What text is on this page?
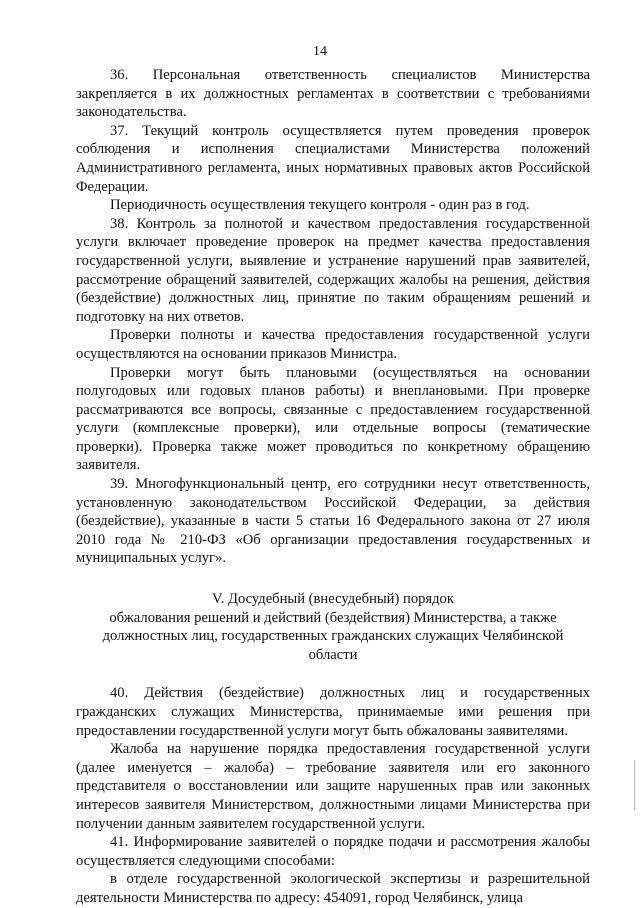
14

36. Персональная ответственность специалистов Министерства закрепляется в их должностных регламентах в соответствии с требованиями законодательства.

37. Текущий контроль осуществляется путем проведения проверок соблюдения и исполнения специалистами Министерства положений Административного регламента, иных нормативных правовых актов Российской Федерации.

Периодичность осуществления текущего контроля - один раз в год.

38. Контроль за полнотой и качеством предоставления государственной услуги включает проведение проверок на предмет качества предоставления государственной услуги, выявление и устранение нарушений прав заявителей, рассмотрение обращений заявителей, содержащих жалобы на решения, действия (бездействие) должностных лиц, принятие по таким обращениям решений и подготовку на них ответов.

Проверки полноты и качества предоставления государственной услуги осуществляются на основании приказов Министра.

Проверки могут быть плановыми (осуществляться на основании полугодовых или годовых планов работы) и внеплановыми. При проверке рассматриваются все вопросы, связанные с предоставлением государственной услуги (комплексные проверки), или отдельные вопросы (тематические проверки). Проверка также может проводиться по конкретному обращению заявителя.

39. Многофункциональный центр, его сотрудники несут ответственность, установленную законодательством Российской Федерации, за действия (бездействие), указанные в части 5 статьи 16 Федерального закона от 27 июля 2010 года № 210-ФЗ «Об организации предоставления государственных и муниципальных услуг».

V. Досудебный (внесудебный) порядок
обжалования решений и действий (бездействия) Министерства, а также
должностных лиц, государственных гражданских служащих Челябинской
области

40. Действия (бездействие) должностных лиц и государственных гражданских служащих Министерства, принимаемые ими решения при предоставлении государственной услуги могут быть обжалованы заявителями.

Жалоба на нарушение порядка предоставления государственной услуги (далее именуется – жалоба) – требование заявителя или его законного представителя о восстановлении или защите нарушенных прав или законных интересов заявителя Министерством, должностными лицами Министерства при получении данным заявителем государственной услуги.

41. Информирование заявителей о порядке подачи и рассмотрения жалобы осуществляется следующими способами:

в отделе государственной экологической экспертизы и разрешительной деятельности Министерства по адресу: 454091, город Челябинск, улица
